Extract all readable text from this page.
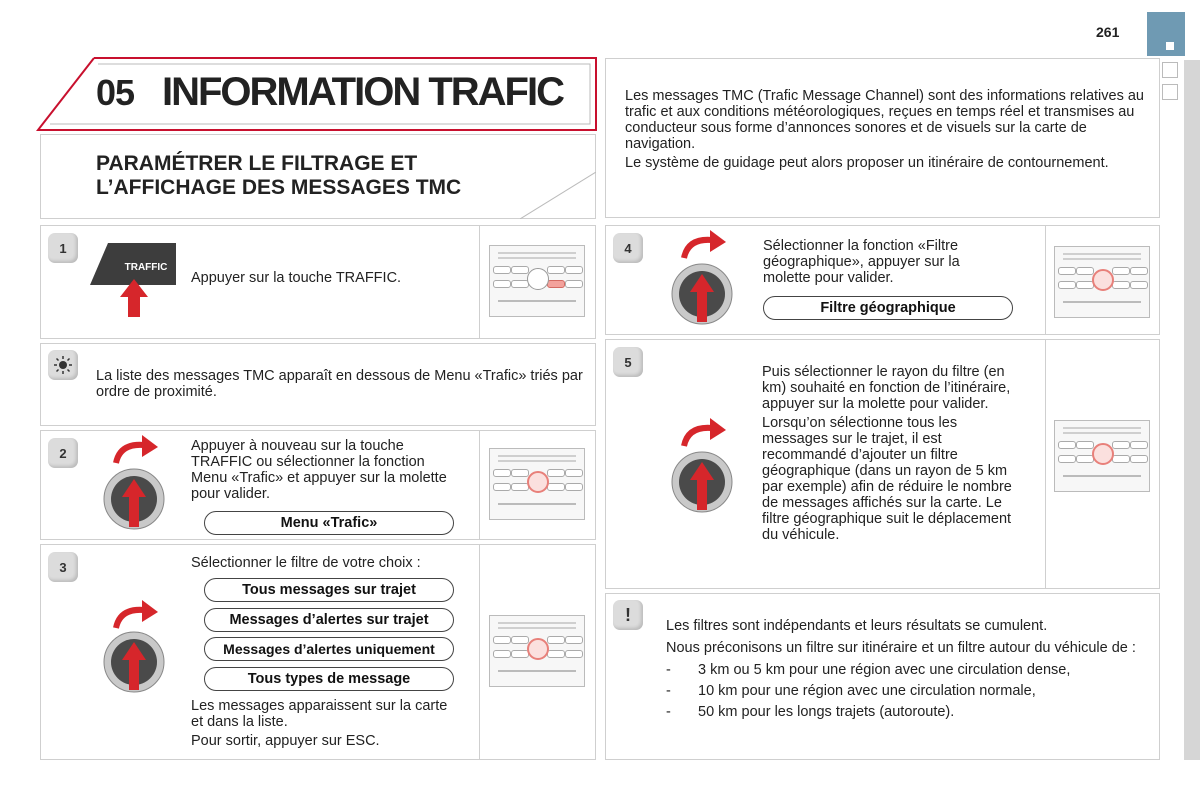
261
05 INFORMATION TRAFIC
PARAMÉTRER LE FILTRAGE ET
L’AFFICHAGE DES MESSAGES TMC

Les messages TMC (Trafic Message Channel) sont des informations relatives au trafic et aux conditions météorologiques, reçues en temps réel et transmises au conducteur sous forme d’annonces sonores et de visuels sur la carte de navigation.

Le système de guidage peut alors proposer un itinéraire de contournement.

1
TRAFFIC
Appuyer sur la touche TRAFFIC.
La liste des messages TMC apparaît en dessous de Menu «Trafic» triés par ordre de proximité.
2	Appuyer à nouveau sur la touche TRAFFIC ou sélectionner la fonction Menu «Trafic» et appuyer sur la molette pour valider.
Menu «Trafic»
3	Sélectionner le filtre de votre choix :
Tous messages sur trajet
Messages d’alertes sur trajet
Messages d’alertes uniquement
Tous types de message

Les messages apparaissent sur la carte et dans la liste.

Pour sortir, appuyer sur ESC.

4	Sélectionner la fonction «Filtre géographique», appuyer sur la molette pour valider.
Filtre géographique
5

Puis sélectionner le rayon du filtre (en km) souhaité en fonction de l’itinéraire, appuyer sur la molette pour valider.

Lorsqu’on sélectionne tous les messages sur le trajet, il est recommandé d’ajouter un filtre géographique (dans un rayon de 5 km par exemple) afin de réduire le nombre de messages affichés sur la carte. Le filtre géographique suit le déplacement du véhicule.

!

Les filtres sont indépendants et leurs résultats se cumulent.

Nous préconisons un filtre sur itinéraire et un filtre autour du véhicule de :

- 3 km ou 5 km pour une région avec une circulation dense,
- 10 km pour une région avec une circulation normale,
- 50 km pour les longs trajets (autoroute).
